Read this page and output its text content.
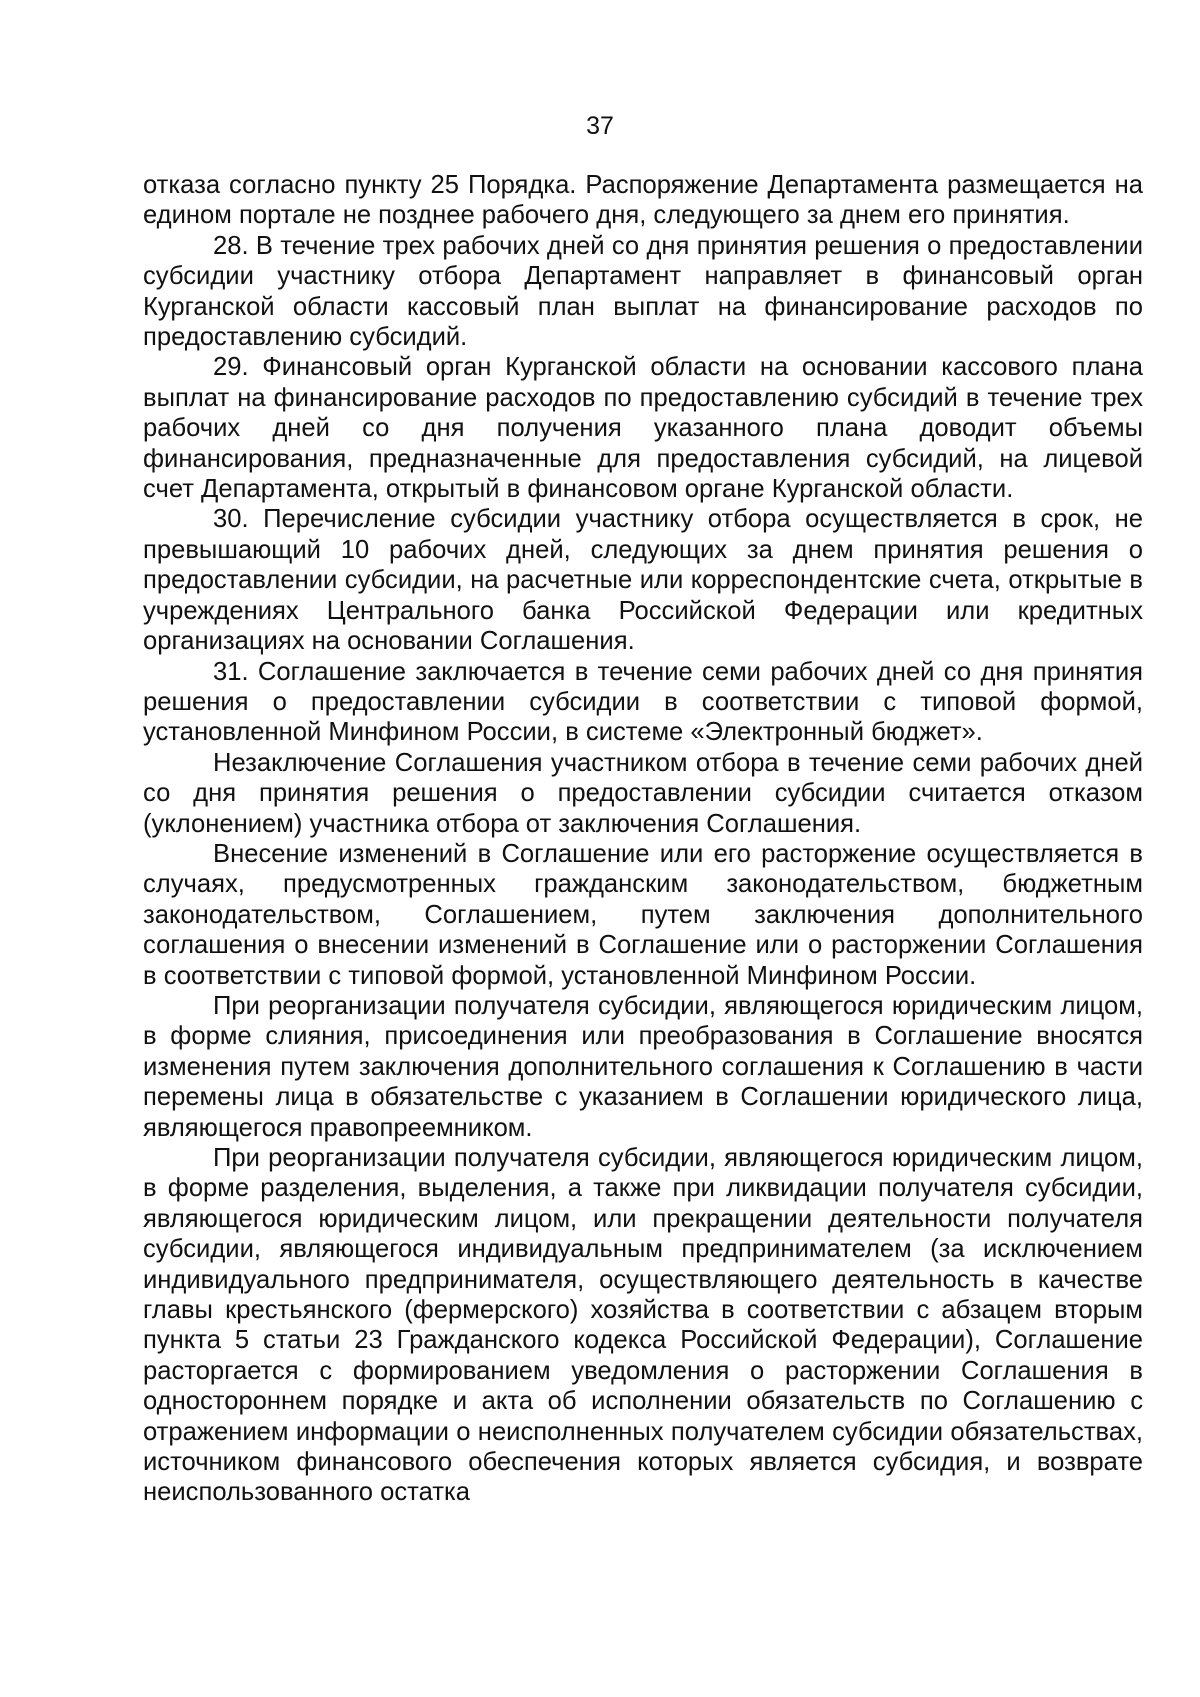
37

отказа согласно пункту 25 Порядка. Распоряжение Департамента размещается на едином портале не позднее рабочего дня, следующего за днем его принятия.

28. В течение трех рабочих дней со дня принятия решения о предоставлении субсидии участнику отбора Департамент направляет в финансовый орган Курганской области кассовый план выплат на финансирование расходов по предоставлению субсидий.

29. Финансовый орган Курганской области на основании кассового плана выплат на финансирование расходов по предоставлению субсидий в течение трех рабочих дней со дня получения указанного плана доводит объемы финансирования, предназначенные для предоставления субсидий, на лицевой счет Департамента, открытый в финансовом органе Курганской области.

30. Перечисление субсидии участнику отбора осуществляется в срок, не превышающий 10 рабочих дней, следующих за днем принятия решения о предоставлении субсидии, на расчетные или корреспондентские счета, открытые в учреждениях Центрального банка Российской Федерации или кредитных организациях на основании Соглашения.

31. Соглашение заключается в течение семи рабочих дней со дня принятия решения о предоставлении субсидии в соответствии с типовой формой, установленной Минфином России, в системе «Электронный бюджет».

Незаключение Соглашения участником отбора в течение семи рабочих дней со дня принятия решения о предоставлении субсидии считается отказом (уклонением) участника отбора от заключения Соглашения.

Внесение изменений в Соглашение или его расторжение осуществляется в случаях, предусмотренных гражданским законодательством, бюджетным законодательством, Соглашением, путем заключения дополнительного соглашения о внесении изменений в Соглашение или о расторжении Соглашения в соответствии с типовой формой, установленной Минфином России.

При реорганизации получателя субсидии, являющегося юридическим лицом, в форме слияния, присоединения или преобразования в Соглашение вносятся изменения путем заключения дополнительного соглашения к Соглашению в части перемены лица в обязательстве с указанием в Соглашении юридического лица, являющегося правопреемником.

При реорганизации получателя субсидии, являющегося юридическим лицом, в форме разделения, выделения, а также при ликвидации получателя субсидии, являющегося юридическим лицом, или прекращении деятельности получателя субсидии, являющегося индивидуальным предпринимателем (за исключением индивидуального предпринимателя, осуществляющего деятельность в качестве главы крестьянского (фермерского) хозяйства в соответствии с абзацем вторым пункта 5 статьи 23 Гражданского кодекса Российской Федерации), Соглашение расторгается с формированием уведомления о расторжении Соглашения в одностороннем порядке и акта об исполнении обязательств по Соглашению с отражением информации о неисполненных получателем субсидии обязательствах, источником финансового обеспечения которых является субсидия, и возврате неиспользованного остатка
